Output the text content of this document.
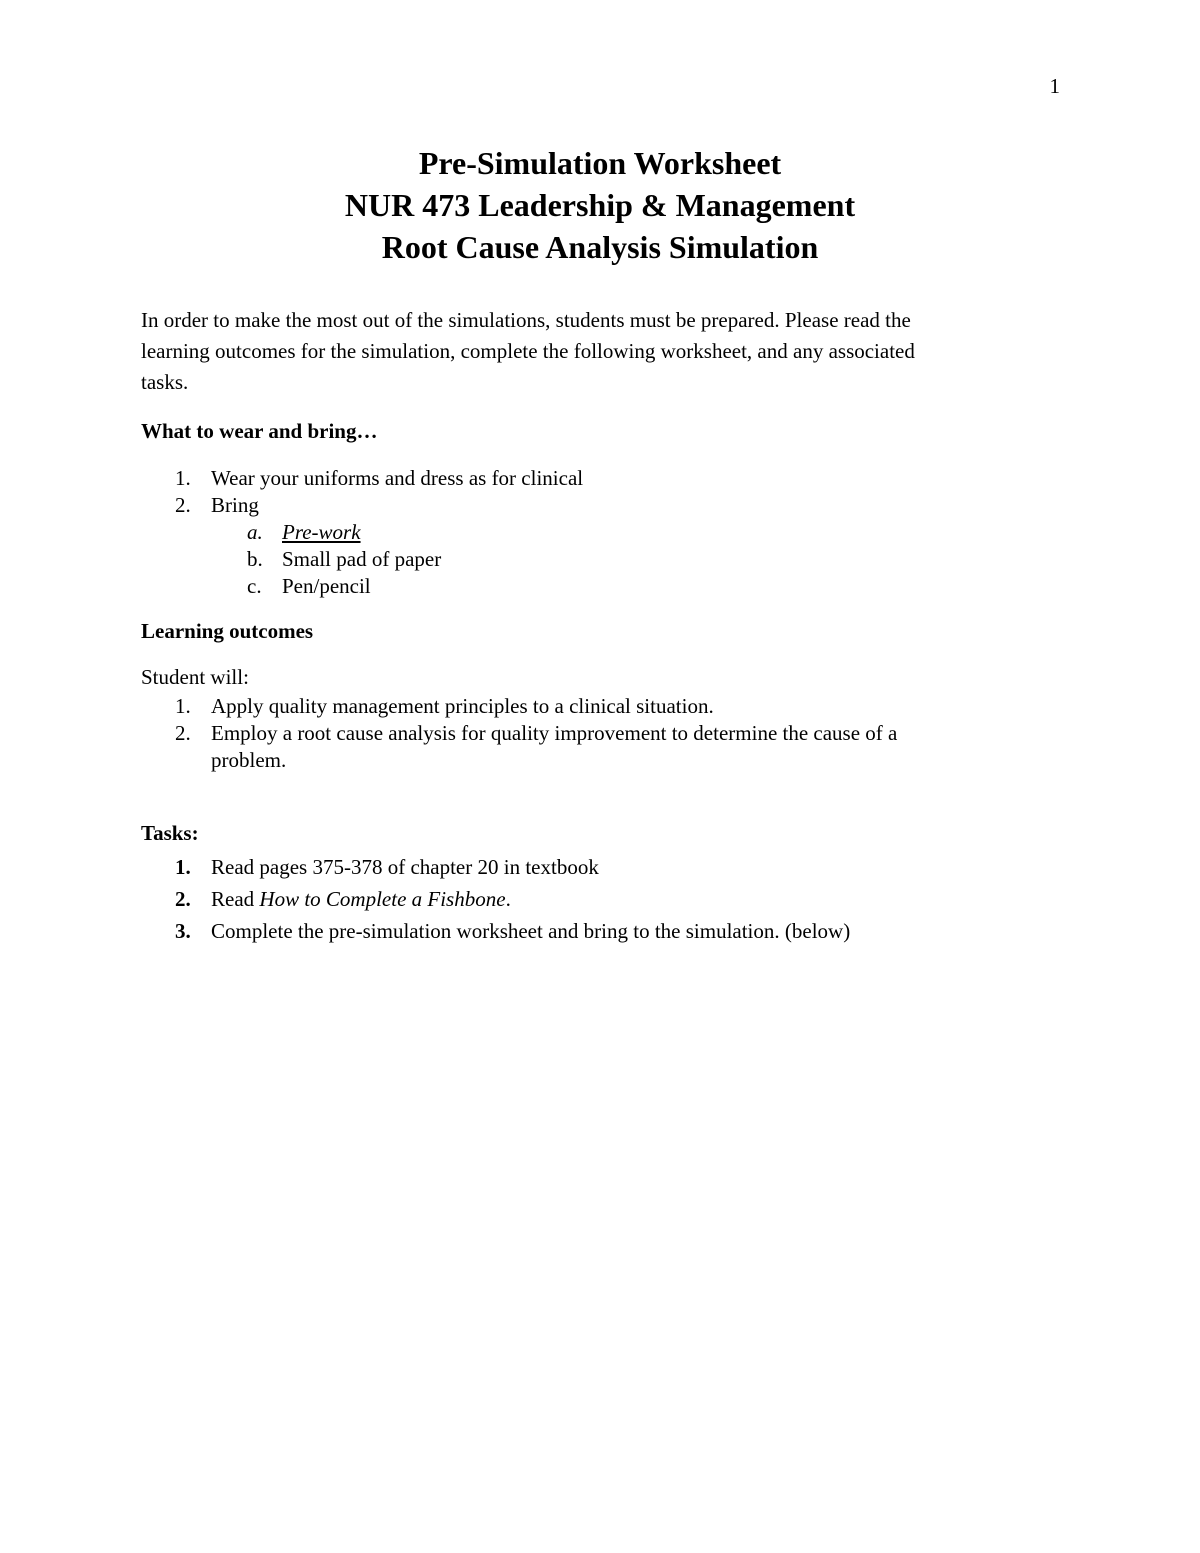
1
Pre-Simulation Worksheet
NUR 473 Leadership & Management
Root Cause Analysis Simulation
In order to make the most out of the simulations, students must be prepared. Please read the
learning outcomes for the simulation, complete the following worksheet, and any associated
tasks.
What to wear and bring…
1. Wear your uniforms and dress as for clinical
2. Bring
a. Pre-work
b. Small pad of paper
c. Pen/pencil
Learning outcomes
Student will:
1. Apply quality management principles to a clinical situation.
2. Employ a root cause analysis for quality improvement to determine the cause of a
problem.
Tasks:
1. Read pages 375-378 of chapter 20 in textbook
2. Read How to Complete a Fishbone.
3. Complete the pre-simulation worksheet and bring to the simulation. (below)
